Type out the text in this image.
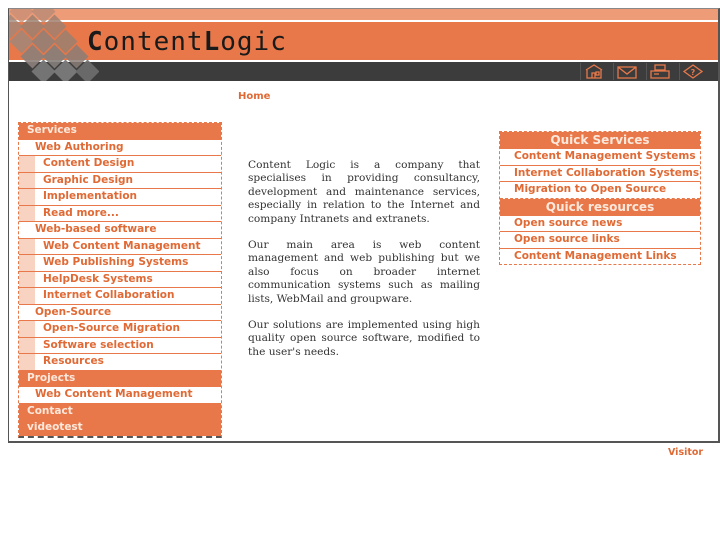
ContentLogic
?
Home
Services
Web Authoring
Content Design
Graphic Design
Implementation
Read more...
Web-based software
Web Content Management
Web Publishing Systems
HelpDesk Systems
Internet Collaboration
Open-Source
Open-Source Migration
Software selection
Resources
Projects
Web Content Management
Contact
videotest

Content Logic is a company that specialises in providing consultancy, development and maintenance services, especially in relation to the Internet and company Intranets and extranets.

Our main area is web content management and web publishing but we also focus on broader internet communication systems such as mailing lists, WebMail and groupware.

Our solutions are implemented using high quality open source software, modified to the user's needs.

Quick Services
Content Management Systems
Internet Collaboration Systems
Migration to Open Source
Quick resources
Open source news
Open source links
Content Management Links
Visitor
